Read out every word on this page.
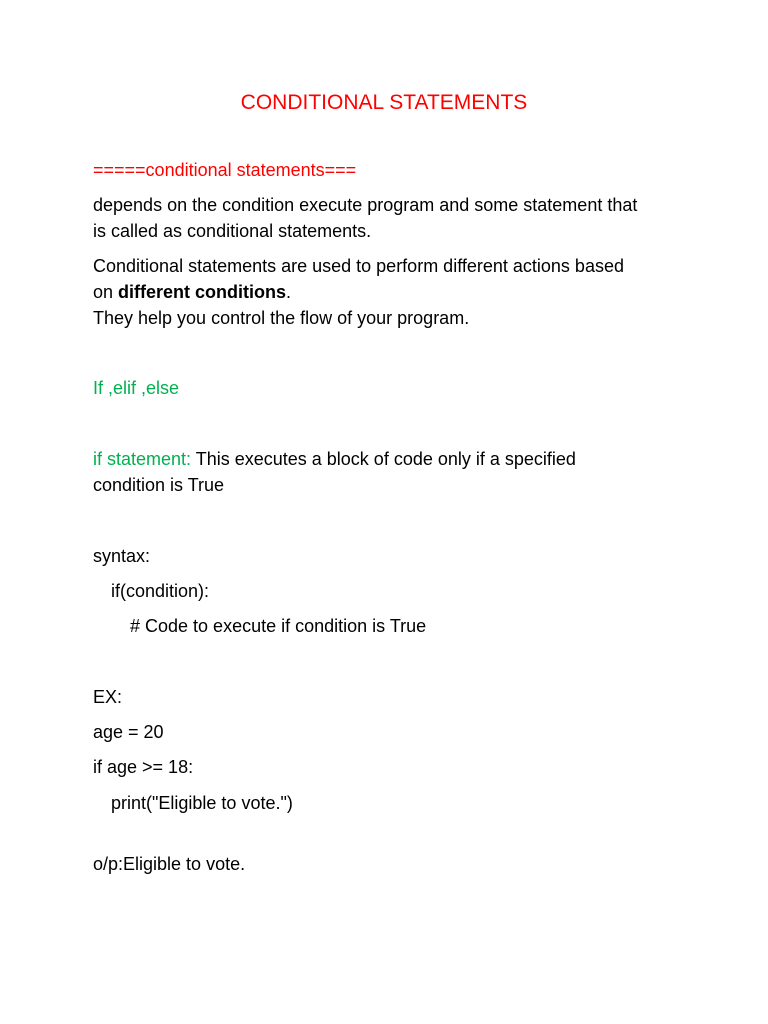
CONDITIONAL STATEMENTS
=====conditional statements===
depends on the condition execute program and some statement that
is called as conditional statements.
Conditional statements are used to perform different actions based
on different conditions.
They help you control the flow of your program.
If ,elif ,else
if statement: This executes a block of code only if a specified
condition is True
syntax:
if(condition):
# Code to execute if condition is True
EX:
age = 20
if age >= 18:
print("Eligible to vote.")
o/p:Eligible to vote.
